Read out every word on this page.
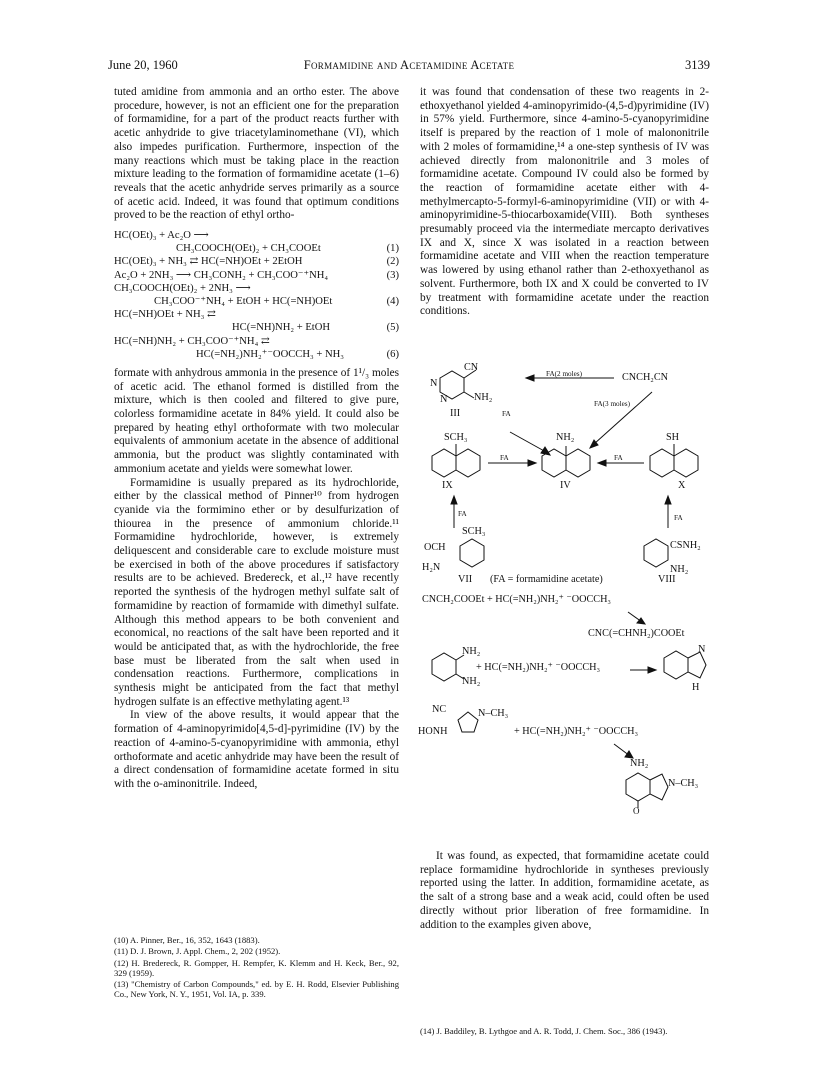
June 20, 1960	Formamidine and Acetamidine Acetate	3139

tuted amidine from ammonia and an ortho ester. The above procedure, however, is not an efficient one for the preparation of formamidine, for a part of the product reacts further with acetic anhydride to give triacetylaminomethane (VI), which also impedes purification. Furthermore, inspection of the many reactions which must be taking place in the reaction mixture leading to the formation of formamidine acetate (1–6) reveals that the acetic anhydride serves primarily as a source of acetic acid. Indeed, it was found that optimum conditions proved to be the reaction of ethyl ortho-

HC(OEt)₃ + Ac₂O ⟶
CH₃COOCH(OEt)₂ + CH₃COOEt	(1)
HC(OEt)₃ + NH₃ ⇄ HC(=NH)OEt + 2EtOH	(2)
Ac₂O + 2NH₃ ⟶ CH₃CONH₂ + CH₃COO⁻⁺NH₄	(3)
CH₃COOCH(OEt)₂ + 2NH₃ ⟶
CH₃COO⁻⁺NH₄ + EtOH + HC(=NH)OEt	(4)
HC(=NH)OEt + NH₃ ⇄
HC(=NH)NH₂ + EtOH	(5)
HC(=NH)NH₂ + CH₃COO⁻⁺NH₄ ⇄
HC(=NH₂)NH₂⁺⁻OOCCH₃ + NH₃	(6)

formate with anhydrous ammonia in the presence of 1¹/₃ moles of acetic acid. The ethanol formed is distilled from the mixture, which is then cooled and filtered to give pure, colorless formamidine acetate in 84% yield. It could also be prepared by heating ethyl orthoformate with two molecular equivalents of ammonium acetate in the absence of additional ammonia, but the product was slightly contaminated with ammonium acetate and yields were somewhat lower.

Formamidine is usually prepared as its hydrochloride, either by the classical method of Pinner¹⁰ from hydrogen cyanide via the formimino ether or by desulfurization of thiourea in the presence of ammonium chloride.¹¹ Formamidine hydrochloride, however, is extremely deliquescent and considerable care to exclude moisture must be exercised in both of the above procedures if satisfactory results are to be achieved. Bredereck, et al.,¹² have recently reported the synthesis of the hydrogen methyl sulfate salt of formamidine by reaction of formamide with dimethyl sulfate. Although this method appears to be both convenient and economical, no reactions of the salt have been reported and it would be anticipated that, as with the hydrochloride, the free base must be liberated from the salt when used in condensation reactions. Furthermore, complications in synthesis might be anticipated from the fact that methyl hydrogen sulfate is an effective methylating agent.¹³

In view of the above results, it would appear that the formation of 4-aminopyrimido[4,5-d]-pyrimidine (IV) by the reaction of 4-amino-5-cyanopyrimidine with ammonia, ethyl orthoformate and acetic anhydride may have been the result of a direct condensation of formamidine acetate formed in situ with the o-aminonitrile. Indeed,

(10) A. Pinner, Ber., 16, 352, 1643 (1883).

(11) D. J. Brown, J. Appl. Chem., 2, 202 (1952).

(12) H. Bredereck, R. Gompper, H. Rempfer, K. Klemm and H. Keck, Ber., 92, 329 (1959).

(13) "Chemistry of Carbon Compounds," ed. by E. H. Rodd, Elsevier Publishing Co., New York, N. Y., 1951, Vol. IA, p. 339.

it was found that condensation of these two reagents in 2-ethoxyethanol yielded 4-aminopyrimido-(4,5-d)pyrimidine (IV) in 57% yield. Furthermore, since 4-amino-5-cyanopyrimidine itself is prepared by the reaction of 1 mole of malononitrile with 2 moles of formamidine,¹⁴ a one-step synthesis of IV was achieved directly from malononitrile and 3 moles of formamidine acetate. Compound IV could also be formed by the reaction of formamidine acetate either with 4-methylmercapto-5-formyl-6-aminopyrimidine (VII) or with 4-aminopyrimidine-5-thiocarboxamide(VIII). Both syntheses presumably proceed via the intermediate mercapto derivatives IX and X, since X was isolated in a reaction between formamidine acetate and VIII when the reaction temperature was lowered by using ethanol rather than 2-ethoxyethanol as solvent. Furthermore, both IX and X could be converted to IV by treatment with formamidine acetate under the reaction conditions.

CN
N
NH₂
N
III
FA(2 moles)	CNCH₂CN
FA
FA(3 moles)
SCH₃	NH₂	SH
FA	FA
IX	IV	X
FA	FA
SCH₃
OCH
H₂N
VII (FA = formamidine acetate)
CSNH₂
NH₂
VIII
CNCH₂COOEt + HC(=NH₂)NH₂⁺ ⁻OOCCH₃
CNC(=CHNH₂)COOEt
NH₂
NH₂
+ HC(=NH₂)NH₂⁺ ⁻OOCCH₃
N
H
NC	N–CH₃
HONH	+ HC(=NH₂)NH₂⁺ ⁻OOCCH₃
NH₂
N–CH₃
O

It was found, as expected, that formamidine acetate could replace formamidine hydrochloride in syntheses previously reported using the latter. In addition, formamidine acetate, as the salt of a strong base and a weak acid, could often be used directly without prior liberation of free formamidine. In addition to the examples given above,

(14) J. Baddiley, B. Lythgoe and A. R. Todd, J. Chem. Soc., 386 (1943).
